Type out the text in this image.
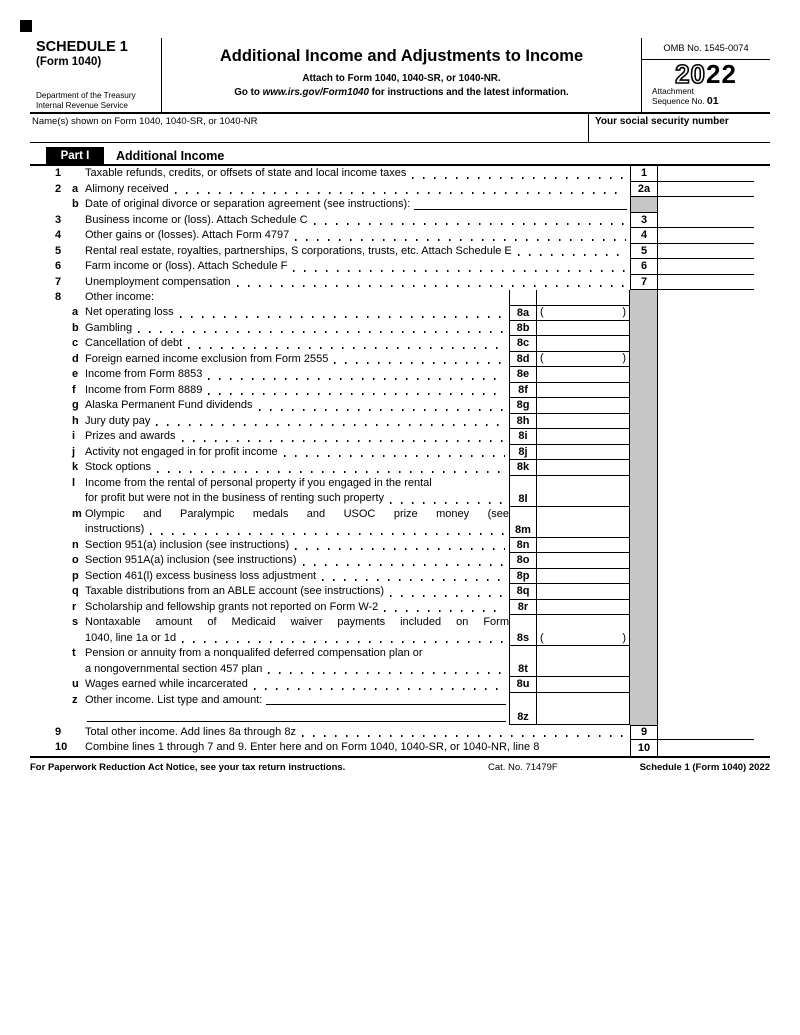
SCHEDULE 1
(Form 1040)
Department of the Treasury
Internal Revenue Service
Additional Income and Adjustments to Income
Attach to Form 1040, 1040-SR, or 1040-NR.
Go to www.irs.gov/Form1040 for instructions and the latest information.
OMB No. 1545-0074
2022
Attachment
Sequence No. 01
Name(s) shown on Form 1040, 1040-SR, or 1040-NR	Your social security number
Part I	Additional Income
1	Taxable refunds, credits, or offsets of state and local income taxes	1
2 a Alimony received	2a
b Date of original divorce or separation agreement (see instructions):
3	Business income or (loss). Attach Schedule C	3
4	Other gains or (losses). Attach Form 4797	4
5	Rental real estate, royalties, partnerships, S corporations, trusts, etc. Attach Schedule E	5
6	Farm income or (loss). Attach Schedule F	6
7	Unemployment compensation	7
8	Other income:
a Net operating loss	8a (	)
b Gambling	8b
c Cancellation of debt	8c
d Foreign earned income exclusion from Form 2555	8d (	)
e Income from Form 8853	8e
f Income from Form 8889	8f
g Alaska Permanent Fund dividends	8g
h Jury duty pay	8h
i Prizes and awards	8i
j Activity not engaged in for profit income	8j
k Stock options	8k
l Income from the rental of personal property if you engaged in the rental
for profit but were not in the business of renting such property	8l
m Olympic and Paralympic medals and USOC prize money (see
instructions)	8m
n Section 951(a) inclusion (see instructions)	8n
o Section 951A(a) inclusion (see instructions)	8o
p Section 461(l) excess business loss adjustment	8p
q Taxable distributions from an ABLE account (see instructions)	8q
r Scholarship and fellowship grants not reported on Form W-2	8r
s Nontaxable amount of Medicaid waiver payments included on Form
1040, line 1a or 1d	8s (	)
t Pension or annuity from a nonqualifed deferred compensation plan or
a nongovernmental section 457 plan	8t
u Wages earned while incarcerated	8u
z Other income. List type and amount:
8z
9	Total other income. Add lines 8a through 8z	9
10	Combine lines 1 through 7 and 9. Enter here and on Form 1040, 1040-SR, or 1040-NR, line 8	10
For Paperwork Reduction Act Notice, see your tax return instructions.	Cat. No. 71479F	Schedule 1 (Form 1040) 2022
